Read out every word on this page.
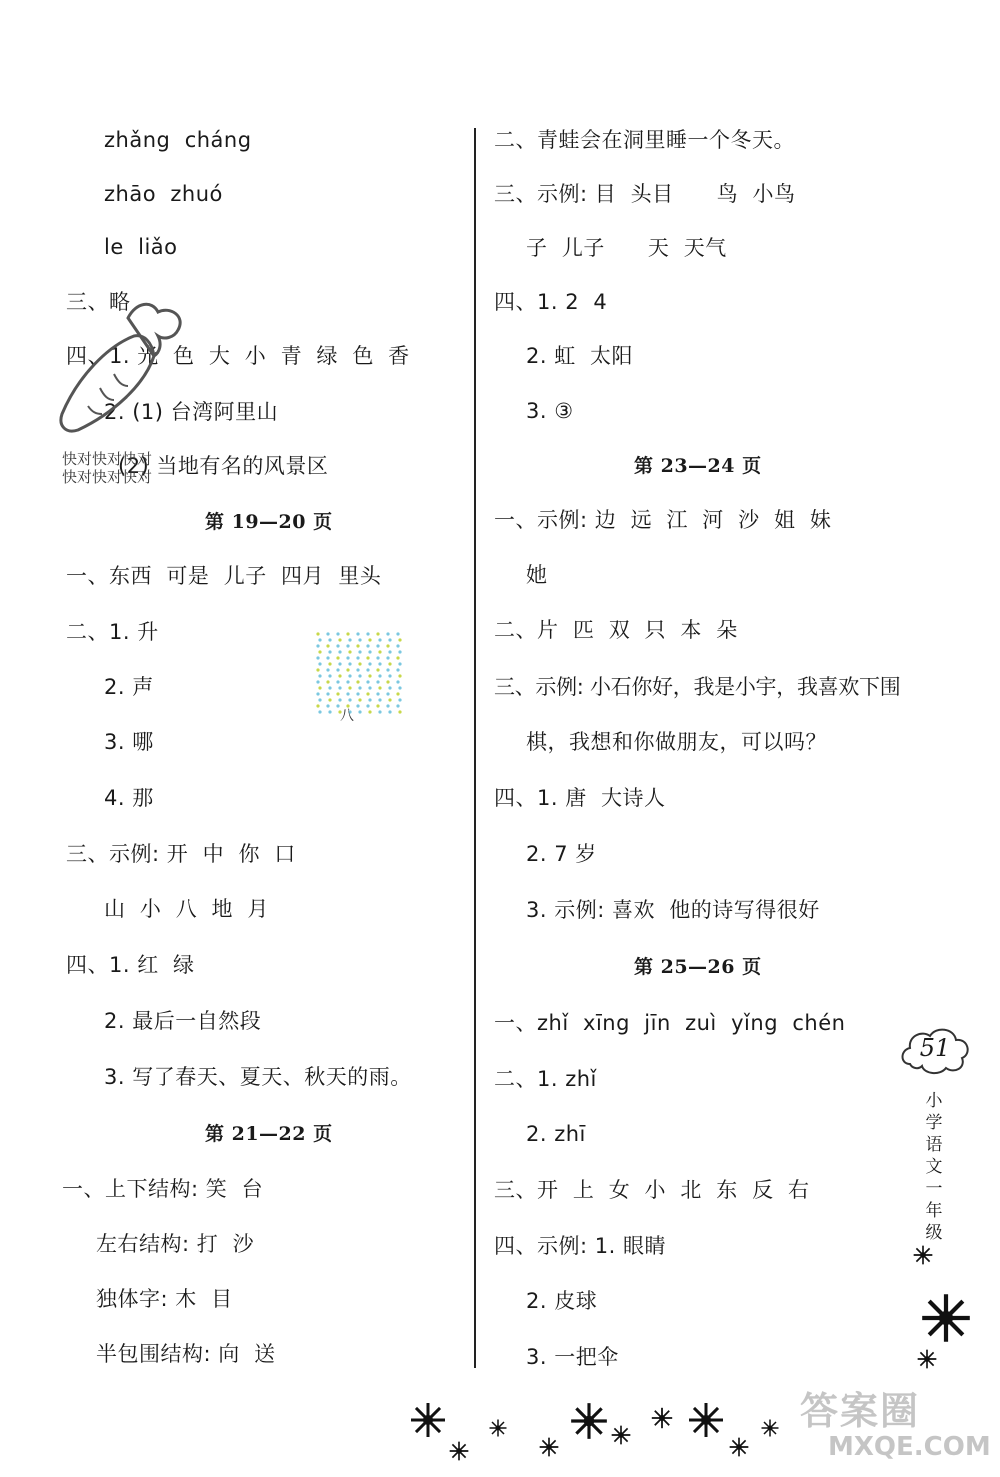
zhǎng  cháng
zhāo  zhuó
le  liǎo
三、略
四、1. 光  色  大  小  青  绿  色  香
2. (1) 台湾阿里山
(2) 当地有名的风景区
第 19—20 页
一、东西  可是  儿子  四月  里头
二、1. 升
2. 声
3. 哪
4. 那
三、示例: 开  中  你  口
山  小  八  地  月
四、1. 红  绿
2. 最后一自然段
3. 写了春天、夏天、秋天的雨。
第 21—22 页
一、上下结构: 笑  台
左右结构: 打  沙
独体字: 木  目
半包围结构: 向  送
二、青蛙会在洞里睡一个冬天。
三、示例: 目  头目      鸟  小鸟
子  儿子      天  天气
四、1. 2  4
2. 虹  太阳
3. ③
第 23—24 页
一、示例: 边  远  江  河  沙  姐  妹
她
二、片  匹  双  只  本  朵
三、示例: 小石你好，我是小宇，我喜欢下围
棋，我想和你做朋友，可以吗？
四、1. 唐  大诗人
2. 7 岁
3. 示例: 喜欢  他的诗写得很好
第 25—26 页
一、zhǐ  xīng  jīn  zuì  yǐng  chén
二、1. zhǐ
2. zhī
三、开  上  女  小  北  东  反  右
四、示例: 1. 眼睛
2. 皮球
3. 一把伞
快对快对快对
快对快对快对
八
51
小
学
语
文
一
年
级
答案圈
MXQE.COM
